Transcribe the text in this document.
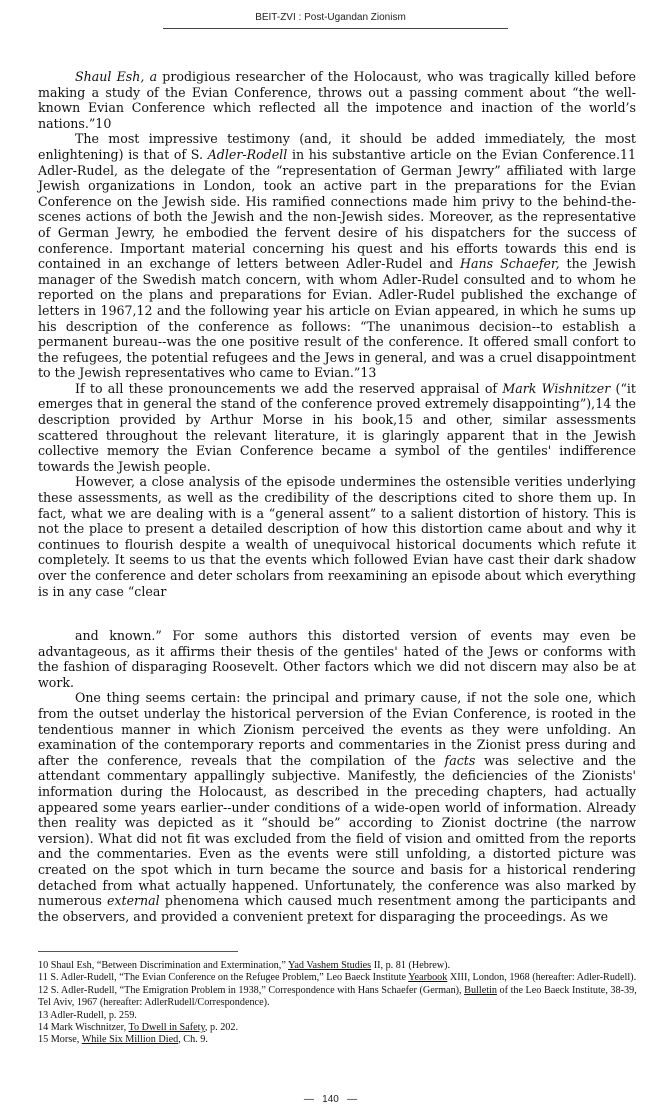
BEIT-ZVI : Post-Ugandan Zionism

Shaul Esh, a prodigious researcher of the Holocaust, who was tragically killed before making a study of the Evian Conference, throws out a passing comment about “the well-known Evian Conference which reflected all the impotence and inaction of the world’s nations.”10

The most impressive testimony (and, it should be added immediately, the most enlightening) is that of S. Adler-Rodell in his substantive article on the Evian Conference.11 Adler-Rudel, as the delegate of the “representation of German Jewry” affiliated with large Jewish organizations in London, took an active part in the preparations for the Evian Conference on the Jewish side. His ramified connections made him privy to the behind-the-scenes actions of both the Jewish and the non-Jewish sides. Moreover, as the representative of German Jewry, he embodied the fervent desire of his dispatchers for the success of conference. Important material concerning his quest and his efforts towards this end is contained in an exchange of letters between Adler-Rudel and Hans Schaefer, the Jewish manager of the Swedish match concern, with whom Adler-Rudel consulted and to whom he reported on the plans and preparations for Evian. Adler-Rudel published the exchange of letters in 1967,12 and the following year his article on Evian appeared, in which he sums up his description of the conference as follows: “The unanimous decision--to establish a permanent bureau--was the one positive result of the conference. It offered small confort to the refugees, the potential refugees and the Jews in general, and was a cruel disappointment to the Jewish representatives who came to Evian.”13

If to all these pronouncements we add the reserved appraisal of Mark Wishnitzer (“it emerges that in general the stand of the conference proved extremely disappointing”),14 the description provided by Arthur Morse in his book,15 and other, similar assessments scattered throughout the relevant literature, it is glaringly apparent that in the Jewish collective memory the Evian Conference became a symbol of the gentiles' indifference towards the Jewish people.

However, a close analysis of the episode undermines the ostensible verities underlying these assessments, as well as the credibility of the descriptions cited to shore them up. In fact, what we are dealing with is a “general assent” to a salient distortion of history. This is not the place to present a detailed description of how this distortion came about and why it continues to flourish despite a wealth of unequivocal historical documents which refute it completely. It seems to us that the events which followed Evian have cast their dark shadow over the conference and deter scholars from reexamining an episode about which everything is in any case “clear

and known.” For some authors this distorted version of events may even be advantageous, as it affirms their thesis of the gentiles' hated of the Jews or conforms with the fashion of disparaging Roosevelt. Other factors which we did not discern may also be at work.

One thing seems certain: the principal and primary cause, if not the sole one, which from the outset underlay the historical perversion of the Evian Conference, is rooted in the tendentious manner in which Zionism perceived the events as they were unfolding. An examination of the contemporary reports and commentaries in the Zionist press during and after the conference, reveals that the compilation of the facts was selective and the attendant commentary appallingly subjective. Manifestly, the deficiencies of the Zionists' information during the Holocaust, as described in the preceding chapters, had actually appeared some years earlier--under conditions of a wide-open world of information. Already then reality was depicted as it “should be” according to Zionist doctrine (the narrow version). What did not fit was excluded from the field of vision and omitted from the reports and the commentaries. Even as the events were still unfolding, a distorted picture was created on the spot which in turn became the source and basis for a historical rendering detached from what actually happened. Unfortunately, the conference was also marked by numerous external phenomena which caused much resentment among the participants and the observers, and provided a convenient pretext for disparaging the proceedings. As we

10 Shaul Esh, “Between Discrimination and Extermination,” Yad Vashem Studies II, p. 81 (Hebrew).

11 S. Adler-Rudell, “The Evian Conference on the Refugee Problem,” Leo Baeck Institute Yearbook XIII, London, 1968 (hereafter: Adler-Rudell).

12 S. Adler-Rudell, “The Emigration Problem in 1938,” Correspondence with Hans Schaefer (German), Bulletin of the Leo Baeck Institute, 38-39, Tel Aviv, 1967 (hereafter: AdlerRudell/Correspondence).

13 Adler-Rudell, p. 259.

14 Mark Wischnitzer, To Dwell in Safety, p. 202.

15 Morse, While Six Million Died, Ch. 9.

—   140   —
